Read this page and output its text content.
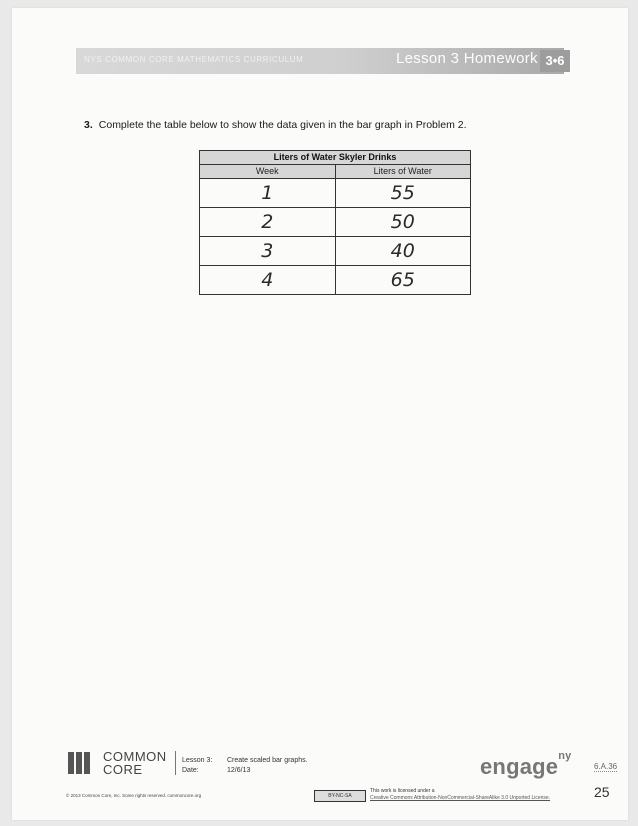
NYS COMMON CORE MATHEMATICS CURRICULUM	Lesson 3 Homework 3•6
3. Complete the table below to show the data given in the bar graph in Problem 2.
Liters of Water Skyler Drinks
Week	Liters of Water
1	55
2	50
3	40
4	65
COMMON
CORE
Lesson 3:
Date:
Create scaled bar graphs.
12/6/13
© 2013 Common Core, Inc. Some rights reserved. commoncore.org	BY-NC-SA
This work is licensed under a
Creative Commons Attribution-NonCommercial-ShareAlike 3.0 Unported License.
engage$^{ny}$
6.A.36
25
